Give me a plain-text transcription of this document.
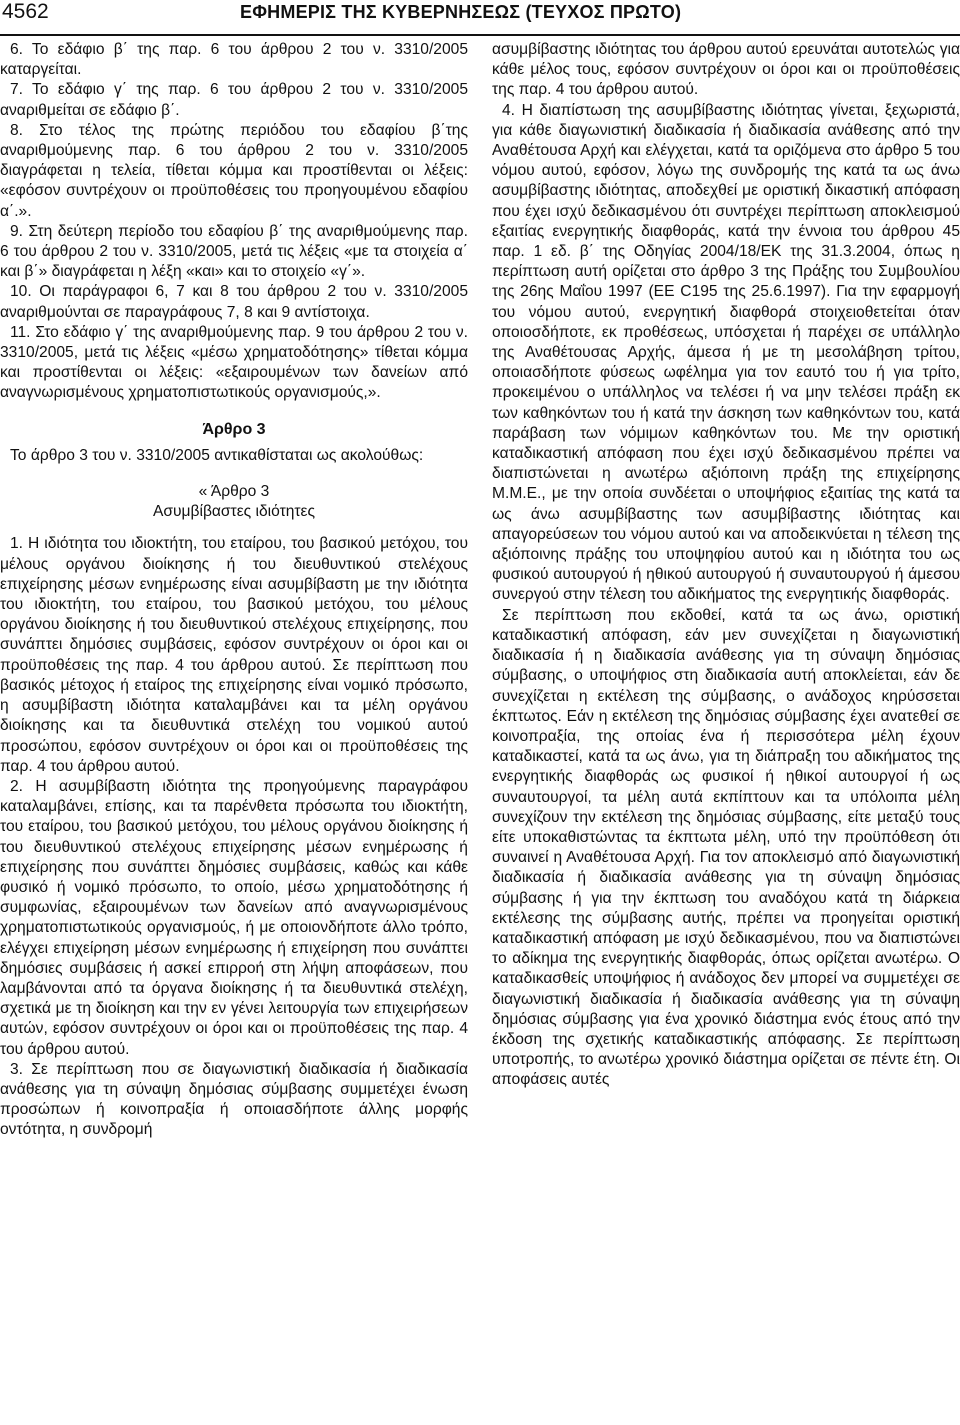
4562	ΕΦΗΜΕΡΙΣ ΤΗΣ ΚΥΒΕΡΝΗΣΕΩΣ (ΤΕΥΧΟΣ ΠΡΩΤΟ)

6. Το εδάφιο β΄ της παρ. 6 του άρθρου 2 του ν. 3310/2005 καταργείται.

7. Το εδάφιο γ΄ της παρ. 6 του άρθρου 2 του ν. 3310/2005 αναριθμείται σε εδάφιο β΄.

8. Στο τέλος της πρώτης περιόδου του εδαφίου β΄της αναριθμούμενης παρ. 6 του άρθρου 2 του ν. 3310/2005 διαγράφεται η τελεία, τίθεται κόμμα και προστίθενται οι λέξεις: «εφόσον συντρέχουν οι προϋποθέσεις του προηγουμένου εδαφίου α΄.».

9. Στη δεύτερη περίοδο του εδαφίου β΄ της αναριθμούμενης παρ. 6 του άρθρου 2 του ν. 3310/2005, μετά τις λέξεις «με τα στοιχεία α΄ και β΄» διαγράφεται η λέξη «και» και το στοιχείο «γ΄».

10. Οι παράγραφοι 6, 7 και 8 του άρθρου 2 του ν. 3310/2005 αναριθμούνται σε παραγράφους 7, 8 και 9 αντίστοιχα.

11. Στο εδάφιο γ΄ της αναριθμούμενης παρ. 9 του άρθρου 2 του ν. 3310/2005, μετά τις λέξεις «μέσω χρηματοδότησης» τίθεται κόμμα και προστίθενται οι λέξεις: «εξαιρουμένων των δανείων από αναγνωρισμένους χρηματοπιστωτικούς οργανισμούς,».

Άρθρο 3

Το άρθρο 3 του ν. 3310/2005 αντικαθίσταται ως ακολούθως:

« Άρθρο 3

Ασυμβίβαστες ιδιότητες

1. Η ιδιότητα του ιδιοκτήτη, του εταίρου, του βασικού μετόχου, του μέλους οργάνου διοίκησης ή του διευθυντικού στελέχους επιχείρησης μέσων ενημέρωσης είναι ασυμβίβαστη με την ιδιότητα του ιδιοκτήτη, του εταίρου, του βασικού μετόχου, του μέλους οργάνου διοίκησης ή του διευθυντικού στελέχους επιχείρησης, που συνάπτει δημόσιες συμβάσεις, εφόσον συντρέχουν οι όροι και οι προϋποθέσεις της παρ. 4 του άρθρου αυτού. Σε περίπτωση που βασικός μέτοχος ή εταίρος της επιχείρησης είναι νομικό πρόσωπο, η ασυμβίβαστη ιδιότητα καταλαμβάνει και τα μέλη οργάνου διοίκησης και τα διευθυντικά στελέχη του νομικού αυτού προσώπου, εφόσον συντρέχουν οι όροι και οι προϋποθέσεις της παρ. 4 του άρθρου αυτού.

2. Η ασυμβίβαστη ιδιότητα της προηγούμενης παραγράφου καταλαμβάνει, επίσης, και τα παρένθετα πρόσωπα του ιδιοκτήτη, του εταίρου, του βασικού μετόχου, του μέλους οργάνου διοίκησης ή του διευθυντικού στελέχους επιχείρησης μέσων ενημέρωσης ή επιχείρησης που συνάπτει δημόσιες συμβάσεις, καθώς και κάθε φυσικό ή νομικό πρόσωπο, το οποίο, μέσω χρηματοδότησης ή συμφωνίας, εξαιρουμένων των δανείων από αναγνωρισμένους χρηματοπιστωτικούς οργανισμούς, ή με οποιονδήποτε άλλο τρόπο, ελέγχει επιχείρηση μέσων ενημέρωσης ή επιχείρηση που συνάπτει δημόσιες συμβάσεις ή ασκεί επιρροή στη λήψη αποφάσεων, που λαμβάνονται από τα όργανα διοίκησης ή τα διευθυντικά στελέχη, σχετικά με τη διοίκηση και την εν γένει λειτουργία των επιχειρήσεων αυτών, εφόσον συντρέχουν οι όροι και οι προϋποθέσεις της παρ. 4 του άρθρου αυτού.

3. Σε περίπτωση που σε διαγωνιστική διαδικασία ή διαδικασία ανάθεσης για τη σύναψη δημόσιας σύμβασης συμμετέχει ένωση προσώπων ή κοινοπραξία ή οποιασδήποτε άλλης μορφής οντότητα, η συνδρομή

ασυμβίβαστης ιδιότητας του άρθρου αυτού ερευνάται αυτοτελώς για κάθε μέλος τους, εφόσον συντρέχουν οι όροι και οι προϋποθέσεις της παρ. 4 του άρθρου αυτού.

4. Η διαπίστωση της ασυμβίβαστης ιδιότητας γίνεται, ξεχωριστά, για κάθε διαγωνιστική διαδικασία ή διαδικασία ανάθεσης από την Αναθέτουσα Αρχή και ελέγχεται, κατά τα οριζόμενα στο άρθρο 5 του νόμου αυτού, εφόσον, λόγω της συνδρομής της κατά τα ως άνω ασυμβίβαστης ιδιότητας, αποδεχθεί με οριστική δικαστική απόφαση που έχει ισχύ δεδικασμένου ότι συντρέχει περίπτωση αποκλεισμού εξαιτίας ενεργητικής διαφθοράς, κατά την έννοια του άρθρου 45 παρ. 1 εδ. β΄ της Οδηγίας 2004/18/ΕΚ της 31.3.2004, όπως η περίπτωση αυτή ορίζεται στο άρθρο 3 της Πράξης του Συμβουλίου της 26ης Μαΐου 1997 (ΕΕ C195 της 25.6.1997). Για την εφαρμογή του νόμου αυτού, ενεργητική διαφθορά στοιχειοθετείται όταν οποιοσδήποτε, εκ προθέσεως, υπόσχεται ή παρέχει σε υπάλληλο της Αναθέτουσας Αρχής, άμεσα ή με τη μεσολάβηση τρίτου, οποιασδήποτε φύσεως ωφέλημα για τον εαυτό του ή για τρίτο, προκειμένου ο υπάλληλος να τελέσει ή να μην τελέσει πράξη εκ των καθηκόντων του ή κατά την άσκηση των καθηκόντων του, κατά παράβαση των νόμιμων καθηκόντων του. Με την οριστική καταδικαστική απόφαση που έχει ισχύ δεδικασμένου πρέπει να διαπιστώνεται η ανωτέρω αξιόποινη πράξη της επιχείρησης Μ.Μ.Ε., με την οποία συνδέεται ο υποψήφιος εξαιτίας της κατά τα ως άνω ασυμβίβαστης των ασυμβίβαστης ιδιότητας και απαγορεύσεων του νόμου αυτού και να αποδεικνύεται η τέλεση της αξιόποινης πράξης του υποψηφίου αυτού και η ιδιότητα του ως φυσικού αυτουργού ή ηθικού αυτουργού ή συναυτουργού ή άμεσου συνεργού στην τέλεση του αδικήματος της ενεργητικής διαφθοράς.

Σε περίπτωση που εκδοθεί, κατά τα ως άνω, οριστική καταδικαστική απόφαση, εάν μεν συνεχίζεται η διαγωνιστική διαδικασία ή η διαδικασία ανάθεσης για τη σύναψη δημόσιας σύμβασης, ο υποψήφιος στη διαδικασία αυτή αποκλείεται, εάν δε συνεχίζεται η εκτέλεση της σύμβασης, ο ανάδοχος κηρύσσεται έκπτωτος. Εάν η εκτέλεση της δημόσιας σύμβασης έχει ανατεθεί σε κοινοπραξία, της οποίας ένα ή περισσότερα μέλη έχουν καταδικαστεί, κατά τα ως άνω, για τη διάπραξη του αδικήματος της ενεργητικής διαφθοράς ως φυσικοί ή ηθικοί αυτουργοί ή ως συναυτουργοί, τα μέλη αυτά εκπίπτουν και τα υπόλοιπα μέλη συνεχίζουν την εκτέλεση της δημόσιας σύμβασης, είτε μεταξύ τους είτε υποκαθιστώντας τα έκπτωτα μέλη, υπό την προϋπόθεση ότι συναινεί η Αναθέτουσα Αρχή. Για τον αποκλεισμό από διαγωνιστική διαδικασία ή διαδικασία ανάθεσης για τη σύναψη δημόσιας σύμβασης ή για την έκπτωση του αναδόχου κατά τη διάρκεια εκτέλεσης της σύμβασης αυτής, πρέπει να προηγείται οριστική καταδικαστική απόφαση με ισχύ δεδικασμένου, που να διαπιστώνει το αδίκημα της ενεργητικής διαφθοράς, όπως ορίζεται ανωτέρω. Ο καταδικασθείς υποψήφιος ή ανάδοχος δεν μπορεί να συμμετέχει σε διαγωνιστική διαδικασία ή διαδικασία ανάθεσης για τη σύναψη δημόσιας σύμβασης για ένα χρονικό διάστημα ενός έτους από την έκδοση της σχετικής καταδικαστικής απόφασης. Σε περίπτωση υποτροπής, το ανωτέρω χρονικό διάστημα ορίζεται σε πέντε έτη. Οι αποφάσεις αυτές
